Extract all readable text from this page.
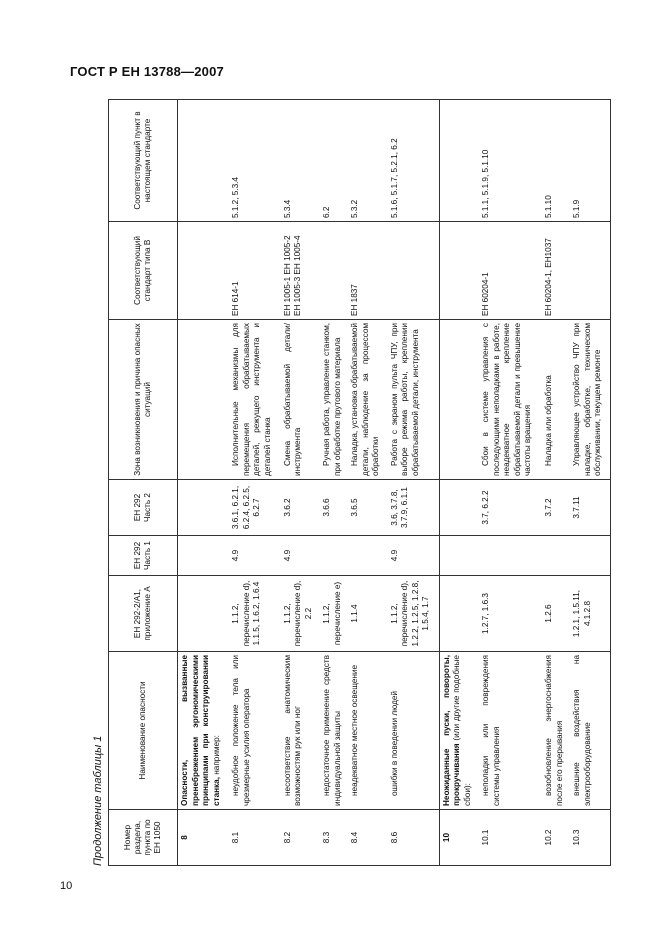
ГОСТ Р ЕН 13788—2007
10
Продолжение таблицы 1 Номер раздела, пункта по ЕН 1050	Наименование опасности	ЕН 292-2/А1, приложение А	ЕН 292 Часть 1	ЕН 292 Часть 2	Зона возникновения и причина опасных ситуаций	Соответствующий стандарт типа В	Соответствующий пункт в настоящем стандарте
8	Опасности, вызванные пренебрежением эргономическими принципами при конструировании станка, например:						
8.1	неудобное положение тела или чрезмерные усилия оператора	1.1.2, перечисление d), 1.1.5, 1.6.2, 1.6.4	4.9	3.6.1, 6.2.1, 6.2.4, 6.2.5, 6.2.7	Исполнительные механизмы для перемещения обрабатываемых деталей, режущего инструмента и деталей станка	ЕН 614-1	5.1.2, 5.3.4
8.2	несоответствие анатомическим возможностям рук или ног	1.1.2, перечисление d), 2.2	4.9	3.6.2	Смена обрабатываемой детали/инструмента	ЕН 1005-1 ЕН 1005-2 ЕН 1005-3 ЕН 1005-4	5.3.4
8.3	недостаточное применение средств индивидуальной защиты	1.1.2, перечисление е)		3.6.6	Ручная работа, управление станком, при обработке прутового материала		6.2
8.4	неадекватное местное освещение	1.1.4		3.6.5	Наладка, установка обрабатываемой детали, наблюдение за процессом обработки	ЕН 1837	5.3.2
8.6	ошибки в поведении людей	1.1.2, перечисление d), 1.2.2, 1.2.5, 1.2.8, 1.5.4, 1.7	4.9	3.6, 3.7.8, 3.7.9, 6.1.1	Работа с экраном пульта ЧПУ, при выборе режима работы, креплении обрабатываемой детали, инструмента		5.1.6, 5.1.7, 5.2.1, 6.2
10	Неожиданные пуски, повороты, прокручивания (или другие подобные сбои):						
10.1	неполадки или повреждения системы управления	1.2.7, 1.6.3		3.7, 6.2.2	Сбои в системе управления с последующими неполадками в работе, неадекватное крепление обрабатываемой детали и превышение частоты вращения	ЕН 60204-1	5.1.1, 5.1.9, 5.1.10
10.2	возобновление энергоснабжения после его прерывания	1.2.6		3.7.2	Наладка или обработка	ЕН 60204-1, ЕН1037	5.1.10
10.3	внешние воздействия на электрооборудование	1.2.1, 1.5.11, 4.1.2.8		3.7.11	Управляющее устройство ЧПУ при наладке, обработке, техническом обслуживании, текущем ремонте		5.1.9
